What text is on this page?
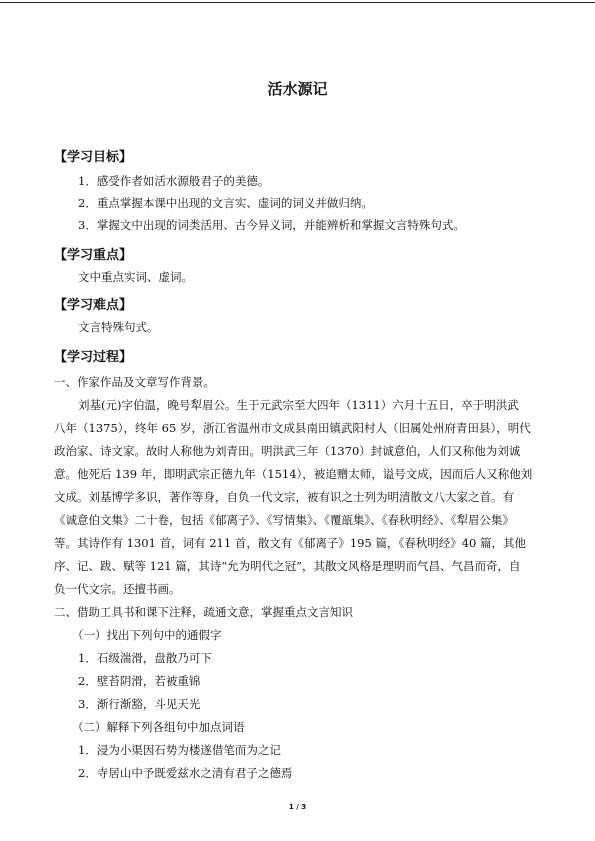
活水源记
【学习目标】
1．感受作者如活水源般君子的美德。
2．重点掌握本课中出现的文言实、虚词的词义并做归纳。
3．掌握文中出现的词类活用、古今异义词，并能辨析和掌握文言特殊句式。
【学习重点】
文中重点实词、虚词。
【学习难点】
文言特殊句式。
【学习过程】
一、作家作品及文章写作背景。
刘基(元)字伯温，晚号犁眉公。生于元武宗至大四年（1311）六月十五日，卒于明洪武
八年（1375），终年 65 岁，浙江省温州市文成县南田镇武阳村人（旧属处州府青田县），明代
政治家、诗文家。故时人称他为刘青田。明洪武三年（1370）封诚意伯，人们又称他为刘诚
意。他死后 139 年，即明武宗正德九年（1514），被追赠太师，谥号文成，因而后人又称他刘
文成。刘基博学多识，著作等身，自负一代文宗，被有识之士列为明清散文八大家之首。有
《诚意伯文集》二十卷，包括《郁离子》、《写情集》、《覆瓿集》、《春秋明经》、《犁眉公集》
等。其诗作有 1301 首，词有 211 首，散文有《郁离子》195 篇，《春秋明经》40 篇，其他
序、记、跋、赋等 121 篇，其诗“允为明代之冠”，其散文风格是理明而气昌、气昌而奇，自
负一代文宗。还擅书画。
二、借助工具书和课下注释，疏通文意，掌握重点文言知识
（一）找出下列句中的通假字
1．石级湍滑，盘散乃可下
2．壁苔阴滑，若被重锦
3．渐行渐豁，斗见天光
（二）解释下列各组句中加点词语
1．浸为小渠因石势为楼遂借笔而为之记
2．寺居山中予既爱兹水之清有君子之德焉
1 / 3
